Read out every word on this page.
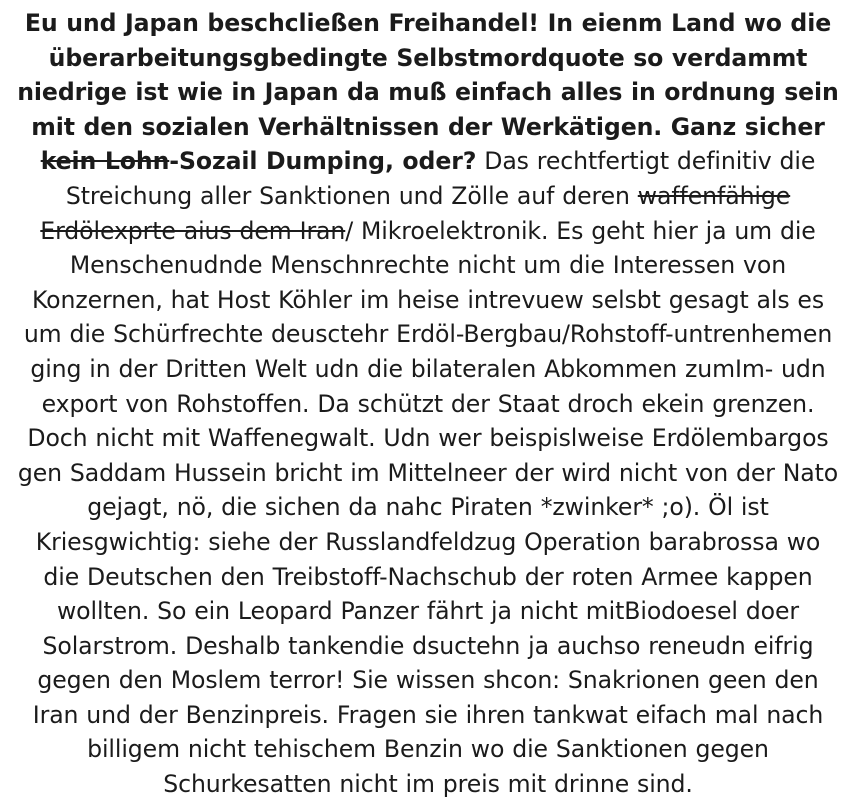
Eu und Japan beschcließen Freihandel! In eienm Land wo die überarbeitungsgbedingte Selbstmordquote so verdammt niedrige ist wie in Japan da muß einfach alles in ordnung sein mit den sozialen Verhältnissen der Werkätigen. Ganz sicher kein Lohn-Sozail Dumping, oder? Das rechtfertigt definitiv die Streichung aller Sanktionen und Zölle auf deren waffenfähige Erdölexprte aius dem Iran/ Mikroelektronik. Es geht hier ja um die Menschenudnde Menschnrechte nicht um die Interessen von Konzernen, hat Host Köhler im heise intrevuew selsbt gesagt als es um die Schürfrechte deusctehr Erdöl-Bergbau/Rohstoff-untrenhemen ging in der Dritten Welt udn die bilateralen Abkommen zumIm- udn export von Rohstoffen. Da schützt der Staat droch ekein grenzen. Doch nicht mit Waffenegwalt. Udn wer beispislweise Erdölembargos gen Saddam Hussein bricht im Mittelneer der wird nicht von der Nato gejagt, nö, die sichen da nahc Piraten *zwinker* ;o). Öl ist Kriesgwichtig: siehe der Russlandfeldzug Operation barabrossa wo die Deutschen den Treibstoff-Nachschub der roten Armee kappen wollten. So ein Leopard Panzer fährt ja nicht mitBiodoesel doer Solarstrom. Deshalb tankendie dsuctehn ja auchso reneudn eifrig gegen den Moslem terror! Sie wissen shcon: Snakrionen geen den Iran und der Benzinpreis. Fragen sie ihren tankwat eifach mal nach billigem nicht tehischem Benzin wo die Sanktionen gegen Schurkesatten nicht im preis mit drinne sind.
